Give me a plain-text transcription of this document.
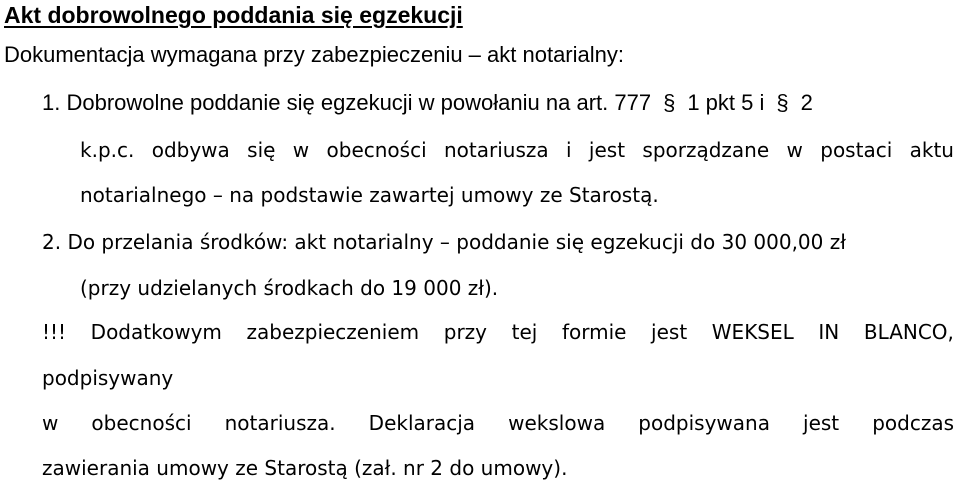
Akt dobrowolnego poddania się egzekucji
Dokumentacja wymagana przy zabezpieczeniu – akt notarialny:
1. Dobrowolne poddanie się egzekucji w powołaniu na art. 777 § 1 pkt 5 i § 2
k.p.c. odbywa się w obecności notariusza i jest sporządzane w postaci aktu
notarialnego – na podstawie zawartej umowy ze Starostą.
2. Do przelania środków: akt notarialny – poddanie się egzekucji do 30 000,00 zł
(przy udzielanych środkach do 19 000 zł).
!!! Dodatkowym zabezpieczeniem przy tej formie jest WEKSEL IN BLANCO,
podpisywany
w obecności notariusza. Deklaracja wekslowa podpisywana jest podczas
zawierania umowy ze Starostą (zał. nr 2 do umowy).
